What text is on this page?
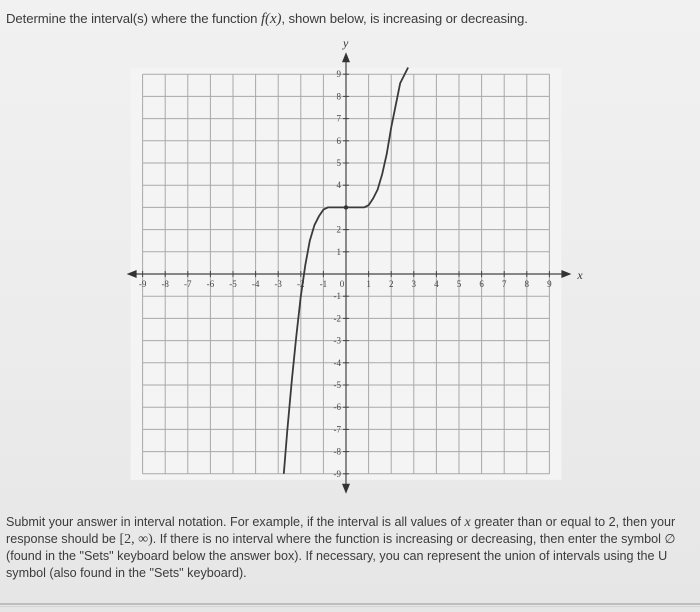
Determine the interval(s) where the function f(x), shown below, is increasing or decreasing.
x
y
-9 -8 -7 -6 -5 -4 -3 -2 -1 0 1 2 3 4 5 6 7 8 9
9
8
7
6
5
4
2
1
-1
-2
-3
-4
-5
-6
-7
-8
-9
Submit your answer in interval notation. For example, if the interval is all values of x greater than or equal to 2, then your response should be [2, ∞). If there is no interval where the function is increasing or decreasing, then enter the symbol ∅ (found in the "Sets" keyboard below the answer box). If necessary, you can represent the union of intervals using the U symbol (also found in the "Sets" keyboard).
